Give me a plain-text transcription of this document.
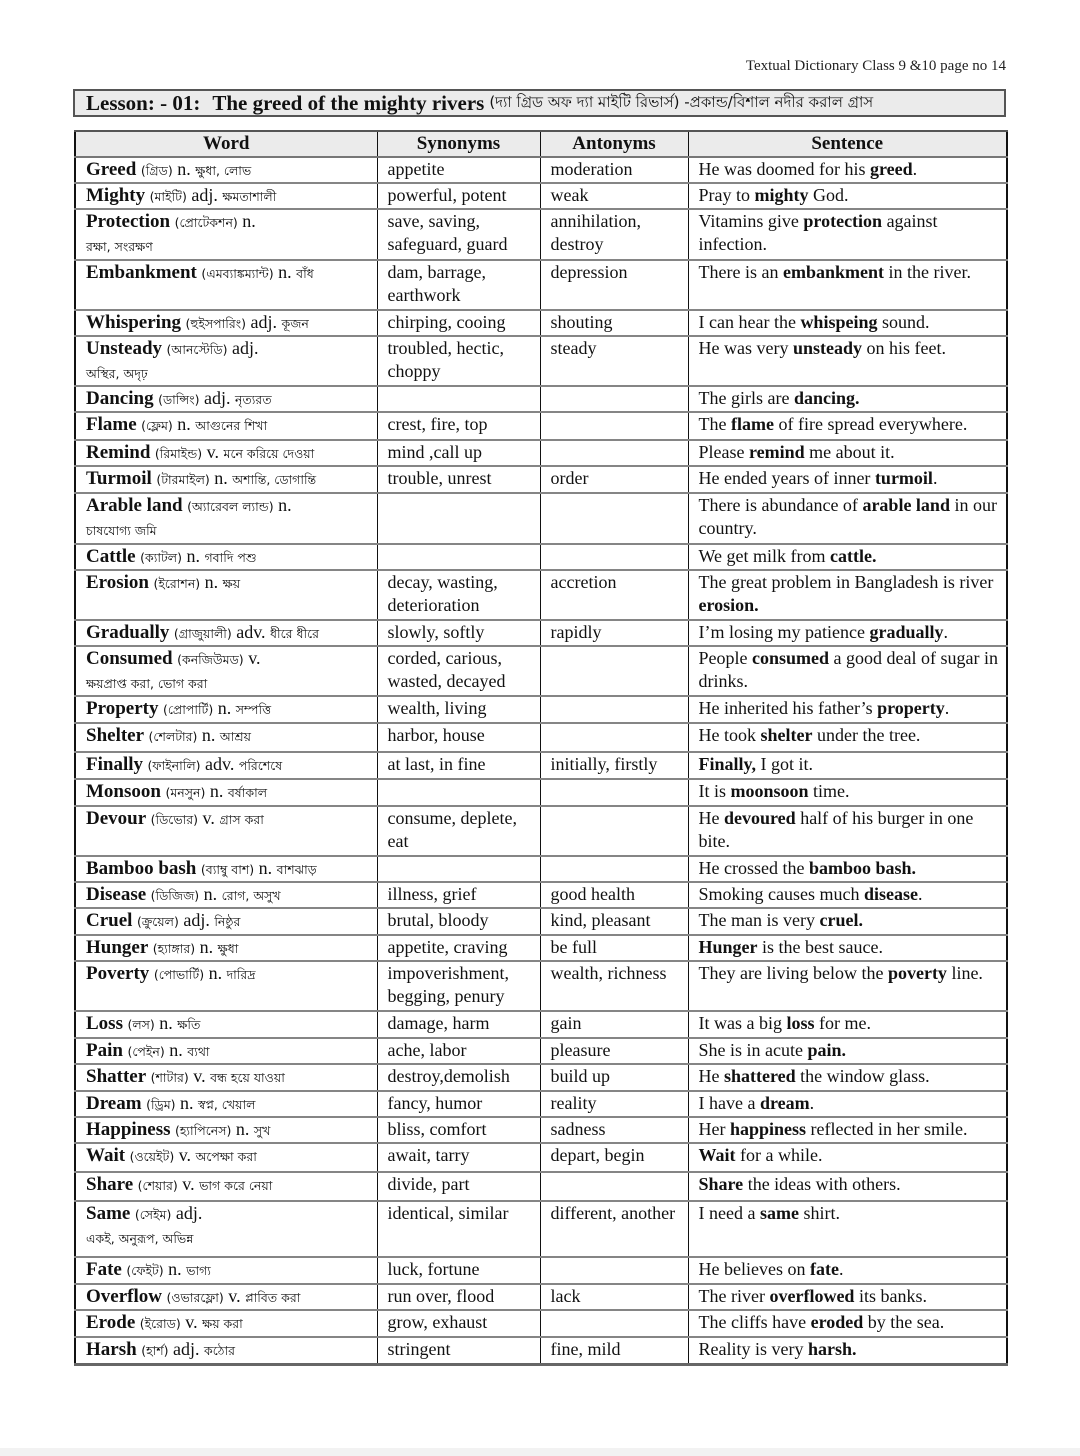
Textual Dictionary Class 9 &10 page no 14
Lesson: - 01: The greed of the mighty rivers (দ্যা গ্রিড অফ দ্যা মাইটি রিভার্স) -প্রকান্ড/বিশাল নদীর করাল গ্রাস
Word	Synonyms	Antonyms	Sentence
Greed (গ্রিড) n. ক্ষুধা, লোভ	appetite	moderation	He was doomed for his greed.
Mighty (মাইটি) adj. ক্ষমতাশালী	powerful, potent	weak	Pray to mighty God.
Protection (প্রোটেকশন) n.
রক্ষা, সংরক্ষণ	save, saving, safeguard, guard	annihilation, destroy	Vitamins give protection against infection.
Embankment (এমব্যাঙ্কম্যান্ট) n. বাঁধ	dam, barrage, earthwork	depression	There is an embankment in the river.
Whispering (হুইসপারিং) adj. কূজন	chirping, cooing	shouting	I can hear the whispeing sound.
Unsteady (আনস্টেডি) adj.
অস্থির, অদৃঢ়	troubled, hectic, choppy	steady	He was very unsteady on his feet.
Dancing (ডান্সিং) adj. নৃত্যরত			The girls are dancing.
Flame (ফ্লেম) n. আগুনের শিখা	crest, fire, top		The flame of fire spread everywhere.
Remind (রিমাইন্ড) v. মনে করিয়ে দেওয়া	mind ,call up		Please remind me about it.
Turmoil (টারমাইল) n. অশান্তি, ডোগান্তি	trouble, unrest	order	He ended years of inner turmoil.
Arable land (অ্যারেবল ল্যান্ড) n.
চাষযোগ্য জমি			There is abundance of arable land in our country.
Cattle (ক্যাটল) n. গবাদি পশু			We get milk from cattle.
Erosion (ইরোশন) n. ক্ষয়	decay, wasting, deterioration	accretion	The great problem in Bangladesh is river erosion.
Gradually (গ্রাজুয়ালী) adv. ধীরে ধীরে	slowly, softly	rapidly	I’m losing my patience gradually.
Consumed (কনজিউমড) v.
ক্ষয়প্রাপ্ত করা, ভোগ করা	corded, carious, wasted, decayed		People consumed a good deal of sugar in drinks.
Property (প্রোপার্টি) n. সম্পত্তি	wealth, living		He inherited his father’s property.
Shelter (শেলটার) n. আশ্রয়	harbor, house		He took shelter under the tree.
Finally (ফাইনালি) adv. পরিশেষে	at last, in fine	initially, firstly	Finally, I got it.
Monsoon (মনসুন) n. বর্ষাকাল			It is moonsoon time.
Devour (ডিভোর) v. গ্রাস করা	consume, deplete, eat		He devoured half of his burger in one bite.
Bamboo bash (ব্যাম্বু বাশ) n. বাশঝাড়			He crossed the bamboo bash.
Disease (ডিজিজ) n. রোগ, অসুখ	illness, grief	good health	Smoking causes much disease.
Cruel (ক্রুয়েল) adj. নিষ্ঠুর	brutal, bloody	kind, pleasant	The man is very cruel.
Hunger (হ্যাঙ্গার) n. ক্ষুধা	appetite, craving	be full	Hunger is the best sauce.
Poverty (পোভার্টি) n. দারিদ্র	impoverishment, begging, penury	wealth, richness	They are living below the poverty line.
Loss (লস) n. ক্ষতি	damage, harm	gain	It was a big loss for me.
Pain (পেইন) n. ব্যথা	ache, labor	pleasure	She is in acute pain.
Shatter (শাটার) v. বন্ধ হয়ে যাওয়া	destroy,demolish	build up	He shattered the window glass.
Dream (ড্রিম) n. স্বপ্ন, খেয়াল	fancy, humor	reality	I have a dream.
Happiness (হ্যাপিনেস) n. সুখ	bliss, comfort	sadness	Her happiness reflected in her smile.
Wait (ওয়েইট) v. অপেক্ষা করা	await, tarry	depart, begin	Wait for a while.
Share (শেয়ার) v. ভাগ করে নেয়া	divide, part		Share the ideas with others.
Same (সেইম) adj.
একই, অনুরূপ, অভিন্ন	identical, similar	different, another	I need a same shirt.
Fate (ফেইট) n. ভাগ্য	luck, fortune		He believes on fate.
Overflow (ওভারফ্লো) v. প্লাবিত করা	run over, flood	lack	The river overflowed its banks.
Erode (ইরোড) v. ক্ষয় করা	grow, exhaust		The cliffs have eroded by the sea.
Harsh (হার্শ) adj. কঠোর	stringent	fine, mild	Reality is very harsh.
